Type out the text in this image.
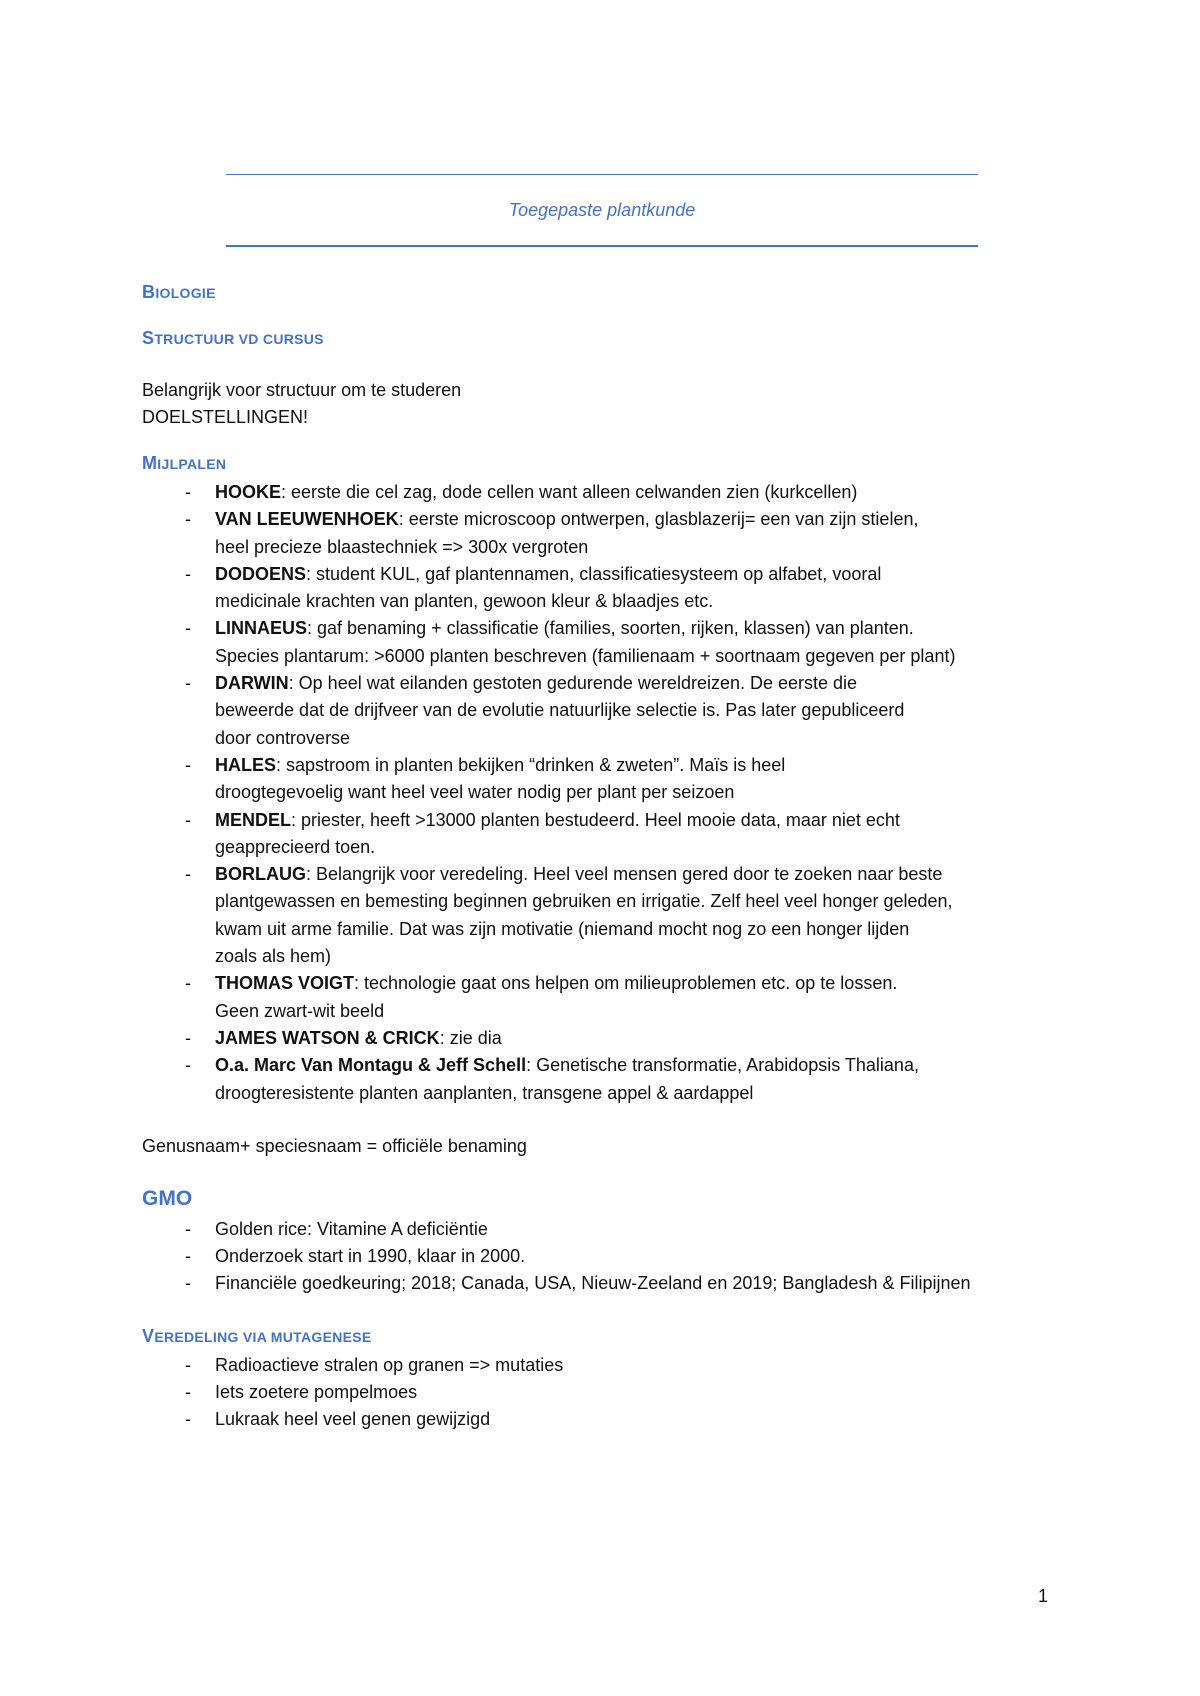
Toegepaste plantkunde
BIOLOGIE
STRUCTUUR VD CURSUS

Belangrijk voor structuur om te studeren

DOELSTELLINGEN!

MIJLPALEN
- HOOKE: eerste die cel zag, dode cellen want alleen celwanden zien (kurkcellen)
- VAN LEEUWENHOEK: eerste microscoop ontwerpen, glasblazerij= een van zijn stielen,
heel precieze blaastechniek => 300x vergroten
- DODOENS: student KUL, gaf plantennamen, classificatiesysteem op alfabet, vooral
medicinale krachten van planten, gewoon kleur & blaadjes etc.
- LINNAEUS: gaf benaming + classificatie (families, soorten, rijken, klassen) van planten.
Species plantarum: >6000 planten beschreven (familienaam + soortnaam gegeven per plant)
- DARWIN: Op heel wat eilanden gestoten gedurende wereldreizen. De eerste die
beweerde dat de drijfveer van de evolutie natuurlijke selectie is. Pas later gepubliceerd
door controverse
- HALES: sapstroom in planten bekijken “drinken & zweten”. Maïs is heel
droogtegevoelig want heel veel water nodig per plant per seizoen
- MENDEL: priester, heeft >13000 planten bestudeerd. Heel mooie data, maar niet echt
geapprecieerd toen.
- BORLAUG: Belangrijk voor veredeling. Heel veel mensen gered door te zoeken naar beste
plantgewassen en bemesting beginnen gebruiken en irrigatie. Zelf heel veel honger geleden,
kwam uit arme familie. Dat was zijn motivatie (niemand mocht nog zo een honger lijden
zoals als hem)
- THOMAS VOIGT: technologie gaat ons helpen om milieuproblemen etc. op te lossen.
Geen zwart-wit beeld
- JAMES WATSON & CRICK: zie dia
- O.a. Marc Van Montagu & Jeff Schell: Genetische transformatie, Arabidopsis Thaliana,
droogteresistente planten aanplanten, transgene appel & aardappel

Genusnaam+ speciesnaam = officiële benaming

GMO
- Golden rice: Vitamine A deficiëntie
- Onderzoek start in 1990, klaar in 2000.
- Financiële goedkeuring; 2018; Canada, USA, Nieuw-Zeeland en 2019; Bangladesh & Filipijnen
VEREDELING VIA MUTAGENESE
- Radioactieve stralen op granen => mutaties
- Iets zoetere pompelmoes
- Lukraak heel veel genen gewijzigd
1
